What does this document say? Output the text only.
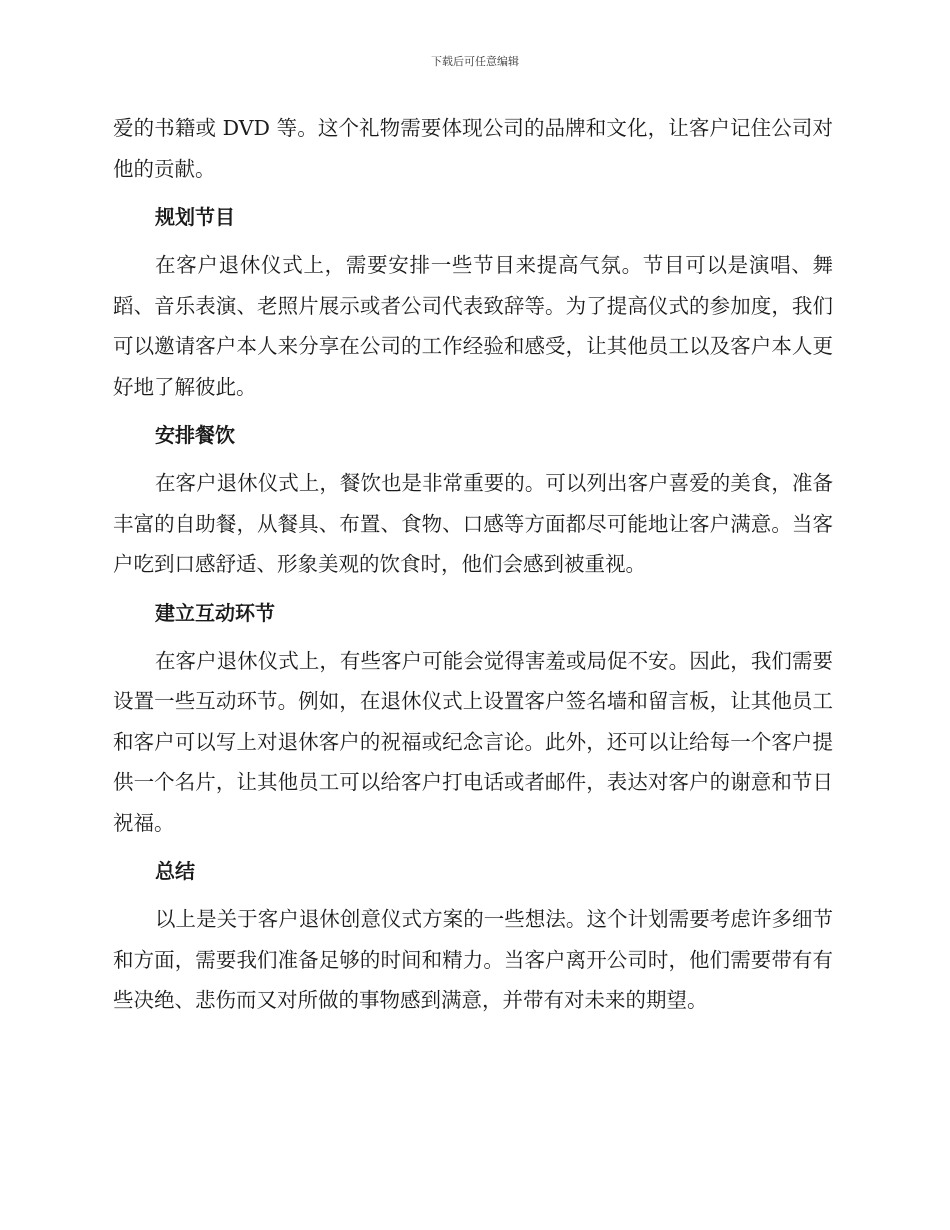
下载后可任意编辑

爱的书籍或 DVD 等。这个礼物需要体现公司的品牌和文化，让客户记住公司对他的贡献。

规划节目

在客户退休仪式上，需要安排一些节目来提高气氛。节目可以是演唱、舞蹈、音乐表演、老照片展示或者公司代表致辞等。为了提高仪式的参加度，我们可以邀请客户本人来分享在公司的工作经验和感受，让其他员工以及客户本人更好地了解彼此。

安排餐饮

在客户退休仪式上，餐饮也是非常重要的。可以列出客户喜爱的美食，准备丰富的自助餐，从餐具、布置、食物、口感等方面都尽可能地让客户满意。当客户吃到口感舒适、形象美观的饮食时，他们会感到被重视。

建立互动环节

在客户退休仪式上，有些客户可能会觉得害羞或局促不安。因此，我们需要设置一些互动环节。例如，在退休仪式上设置客户签名墙和留言板，让其他员工和客户可以写上对退休客户的祝福或纪念言论。此外，还可以让给每一个客户提供一个名片，让其他员工可以给客户打电话或者邮件，表达对客户的谢意和节日祝福。

总结

以上是关于客户退休创意仪式方案的一些想法。这个计划需要考虑许多细节和方面，需要我们准备足够的时间和精力。当客户离开公司时，他们需要带有有些决绝、悲伤而又对所做的事物感到满意，并带有对未来的期望。
